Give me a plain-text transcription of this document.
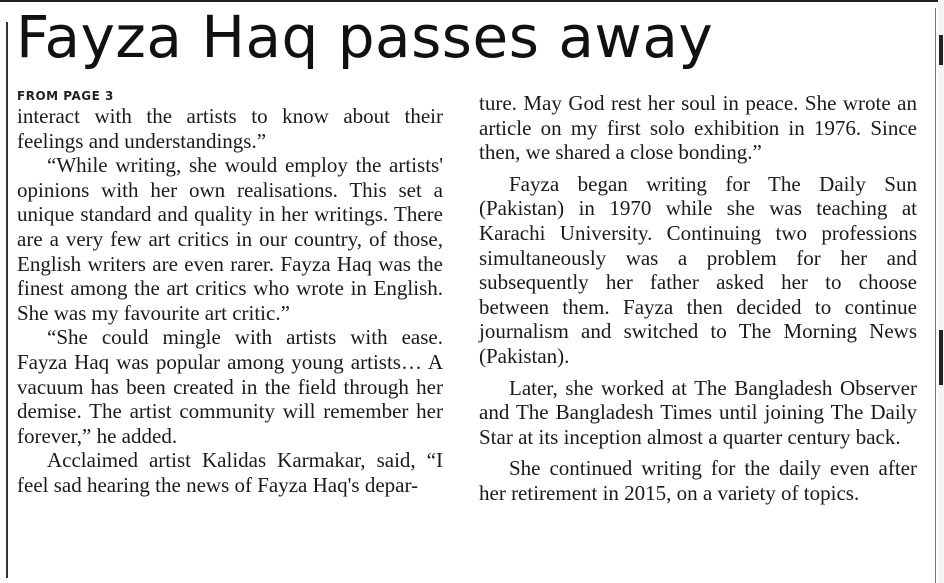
Fayza Haq passes away
FROM PAGE 3

interact with the artists to know about their feelings and understandings.”

“While writing, she would employ the artists' opinions with her own realisations. This set a unique standard and quality in her writings. There are a very few art critics in our country, of those, English writers are even rarer. Fayza Haq was the finest among the art critics who wrote in English. She was my favourite art critic.”

“She could mingle with artists with ease. Fayza Haq was popular among young artists… A vacuum has been created in the field through her demise. The artist community will remember her forever,” he added.

Acclaimed artist Kalidas Karmakar, said, “I feel sad hearing the news of Fayza Haq's depar-

ture. May God rest her soul in peace. She wrote an article on my first solo exhibition in 1976. Since then, we shared a close bonding.”

Fayza began writing for The Daily Sun (Pakistan) in 1970 while she was teaching at Karachi University. Continuing two professions simultaneously was a problem for her and subsequently her father asked her to choose between them. Fayza then decided to continue journalism and switched to The Morning News (Pakistan).

Later, she worked at The Bangladesh Observer and The Bangladesh Times until joining The Daily Star at its inception almost a quarter century back.

She continued writing for the daily even after her retirement in 2015, on a variety of topics.
